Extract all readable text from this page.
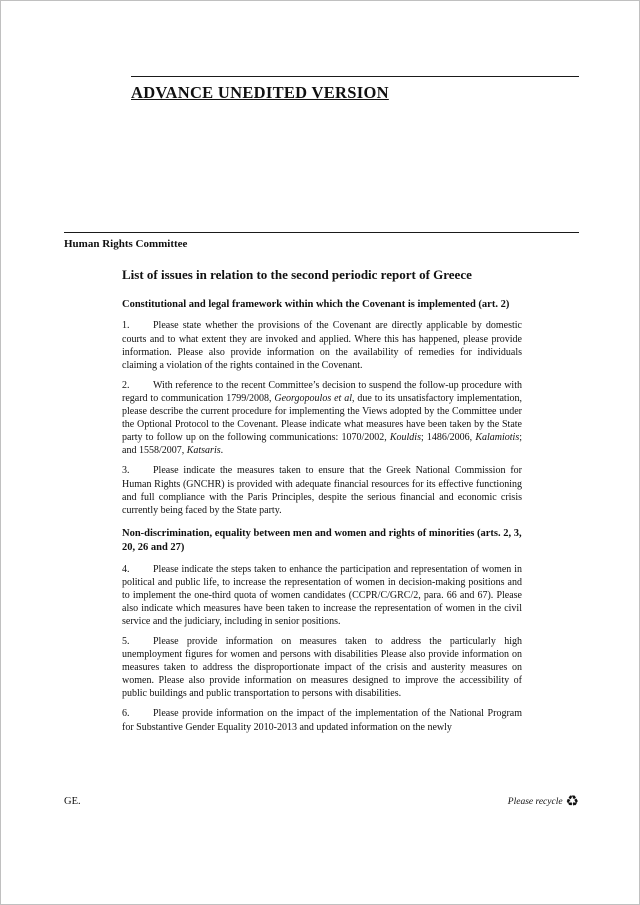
ADVANCE UNEDITED VERSION
Human Rights Committee
List of issues in relation to the second periodic report of Greece
Constitutional and legal framework within which the Covenant is implemented (art. 2)

1. Please state whether the provisions of the Covenant are directly applicable by domestic courts and to what extent they are invoked and applied. Where this has happened, please provide information. Please also provide information on the availability of remedies for individuals claiming a violation of the rights contained in the Covenant.

2. With reference to the recent Committee’s decision to suspend the follow-up procedure with regard to communication 1799/2008, Georgopoulos et al, due to its unsatisfactory implementation, please describe the current procedure for implementing the Views adopted by the Committee under the Optional Protocol to the Covenant. Please indicate what measures have been taken by the State party to follow up on the following communications: 1070/2002, Kouldis; 1486/2006, Kalamiotis; and 1558/2007, Katsaris.

3. Please indicate the measures taken to ensure that the Greek National Commission for Human Rights (GNCHR) is provided with adequate financial resources for its effective functioning and full compliance with the Paris Principles, despite the serious financial and economic crisis currently being faced by the State party.

Non-discrimination, equality between men and women and rights of minorities (arts. 2, 3, 20, 26 and 27)

4. Please indicate the steps taken to enhance the participation and representation of women in political and public life, to increase the representation of women in decision-making positions and to implement the one-third quota of women candidates (CCPR/C/GRC/2, para. 66 and 67). Please also indicate which measures have been taken to increase the representation of women in the civil service and the judiciary, including in senior positions.

5. Please provide information on measures taken to address the particularly high unemployment figures for women and persons with disabilities Please also provide information on measures taken to address the disproportionate impact of the crisis and austerity measures on women. Please also provide information on measures designed to improve the accessibility of public buildings and public transportation to persons with disabilities.

6. Please provide information on the impact of the implementation of the National Program for Substantive Gender Equality 2010-2013 and updated information on the newly

GE.	Please recycle ♻
